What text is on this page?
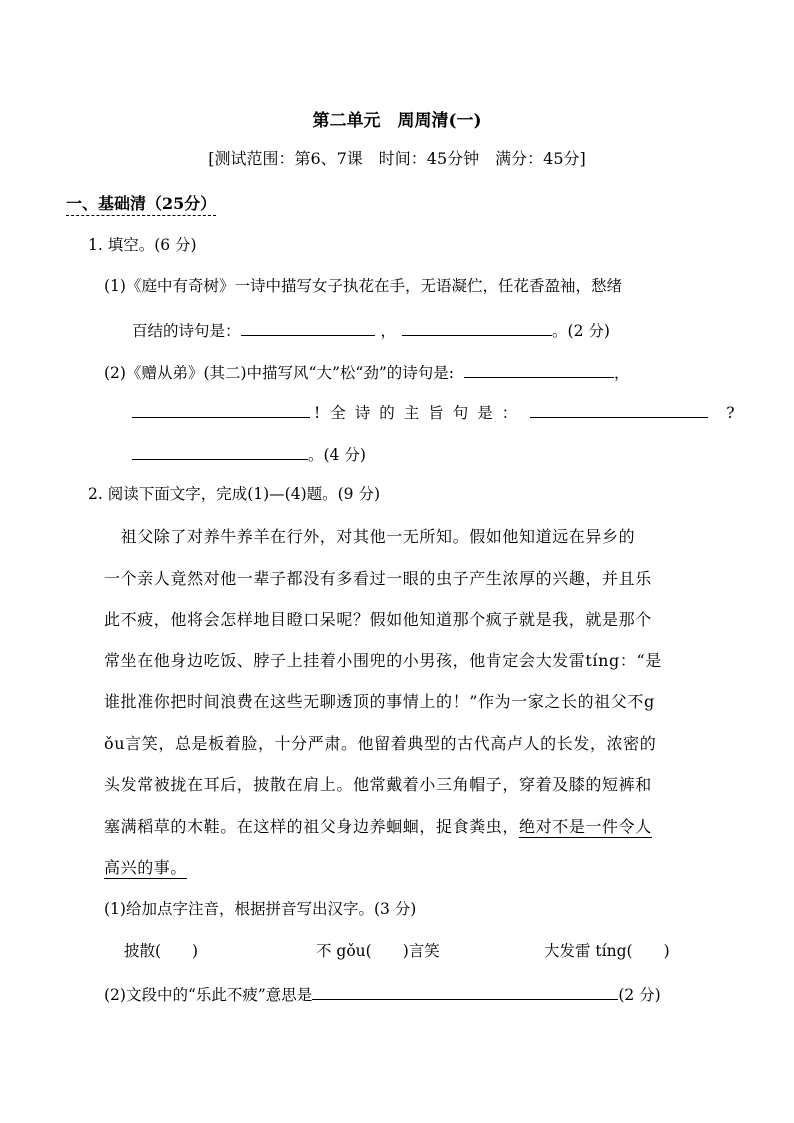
第二单元　周周清(一)
[测试范围：第6、7课　时间：45分钟　满分：45分]
一、基础清（25分）
1. 填空。(6 分)
(1)《庭中有奇树》一诗中描写女子执花在手，无语凝伫，任花香盈袖，愁绪
百结的诗句是：	，	。(2 分)
(2)《赠从弟》(其二)中描写风“大”松“劲”的诗句是:	，
! 全诗的主旨句是：	?
。(4 分)
2. 阅读下面文字，完成(1)—(4)题。(9 分)
　祖父除了对养牛养羊在行外，对其他一无所知。假如他知道远在异乡的
一个亲人竟然对他一辈子都没有多看过一眼的虫子产生浓厚的兴趣，并且乐
此不疲，他将会怎样地目瞪口呆呢？假如他知道那个疯子就是我，就是那个
常坐在他身边吃饭、脖子上挂着小围兜的小男孩，他肯定会大发雷tíng：“是
谁批准你把时间浪费在这些无聊透顶的事情上的！”作为一家之长的祖父不g
ǒu言笑，总是板着脸，十分严肃。他留着典型的古代高卢人的长发，浓密的
头发常被拢在耳后，披散在肩上。他常戴着小三角帽子，穿着及膝的短裤和
塞满稻草的木鞋。在这样的祖父身边养蛔蛔，捉食粪虫，绝对不是一件令人
高兴的事。
(1)给加点字注音，根据拼音写出汉字。(3 分)
披散(　　)	不 gǒu(　　)言笑	大发雷 tíng(　　)
(2)文段中的“乐此不疲”意思是	(2 分)
